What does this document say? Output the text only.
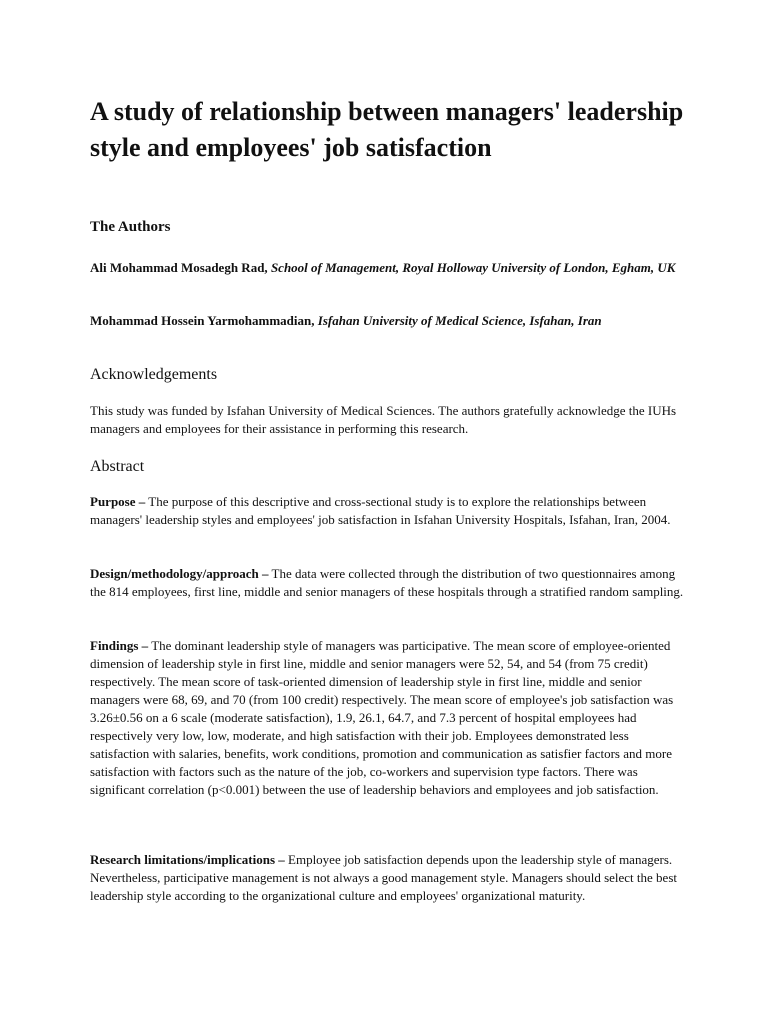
A study of relationship between managers' leadership style and employees' job satisfaction
The Authors

Ali Mohammad Mosadegh Rad, School of Management, Royal Holloway University of London, Egham, UK

Mohammad Hossein Yarmohammadian, Isfahan University of Medical Science, Isfahan, Iran

Acknowledgements

This study was funded by Isfahan University of Medical Sciences. The authors gratefully acknowledge the IUHs managers and employees for their assistance in performing this research.

Abstract

Purpose – The purpose of this descriptive and cross-sectional study is to explore the relationships between managers' leadership styles and employees' job satisfaction in Isfahan University Hospitals, Isfahan, Iran, 2004.

Design/methodology/approach – The data were collected through the distribution of two questionnaires among the 814 employees, first line, middle and senior managers of these hospitals through a stratified random sampling.

Findings – The dominant leadership style of managers was participative. The mean score of employee-oriented dimension of leadership style in first line, middle and senior managers were 52, 54, and 54 (from 75 credit) respectively. The mean score of task-oriented dimension of leadership style in first line, middle and senior managers were 68, 69, and 70 (from 100 credit) respectively. The mean score of employee's job satisfaction was 3.26±0.56 on a 6 scale (moderate satisfaction), 1.9, 26.1, 64.7, and 7.3 percent of hospital employees had respectively very low, low, moderate, and high satisfaction with their job. Employees demonstrated less satisfaction with salaries, benefits, work conditions, promotion and communication as satisfier factors and more satisfaction with factors such as the nature of the job, co-workers and supervision type factors. There was significant correlation (p<0.001) between the use of leadership behaviors and employees and job satisfaction.

Research limitations/implications – Employee job satisfaction depends upon the leadership style of managers. Nevertheless, participative management is not always a good management style. Managers should select the best leadership style according to the organizational culture and employees' organizational maturity.
